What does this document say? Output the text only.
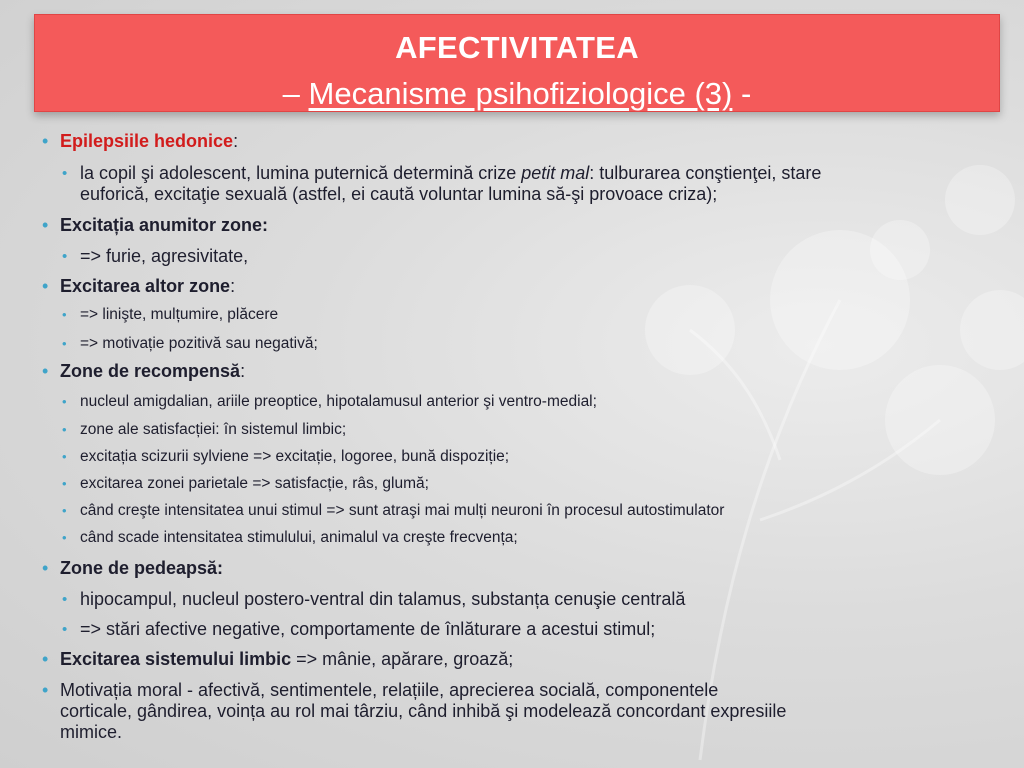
AFECTIVITATEA
– Mecanisme psihofiziologice (3) -
• Epilepsiile hedonice:
• la copil şi adolescent, lumina puternică determină crize petit mal: tulburarea conştienţei, stare
euforică, excitaţie sexuală (astfel, ei caută voluntar lumina să-şi provoace criza);
• Excitația anumitor zone:
• => furie, agresivitate,
• Excitarea altor zone:
• => linişte, mulțumire, plăcere
• => motivație pozitivă sau negativă;
• Zone de recompensă:
• nucleul amigdalian, ariile preoptice, hipotalamusul anterior şi ventro-medial;
• zone ale satisfacției: în sistemul limbic;
• excitația scizurii sylviene => excitație, logoree, bună dispoziție;
• excitarea zonei parietale => satisfacție, râs, glumă;
• când creşte intensitatea unui stimul => sunt atraşi mai mulți neuroni în procesul autostimulator
• când scade intensitatea stimulului, animalul va creşte frecvența;
• Zone de pedeapsă:
• hipocampul, nucleul postero-ventral din talamus, substanța cenuşie centrală
• => stări afective negative, comportamente de înlăturare a acestui stimul;
• Excitarea sistemului limbic => mânie, apărare, groază;
• Motivația moral - afectivă, sentimentele, relațiile, aprecierea socială, componentele
corticale, gândirea, voința au rol mai târziu, când inhibă şi modelează concordant expresiile
mimice.
